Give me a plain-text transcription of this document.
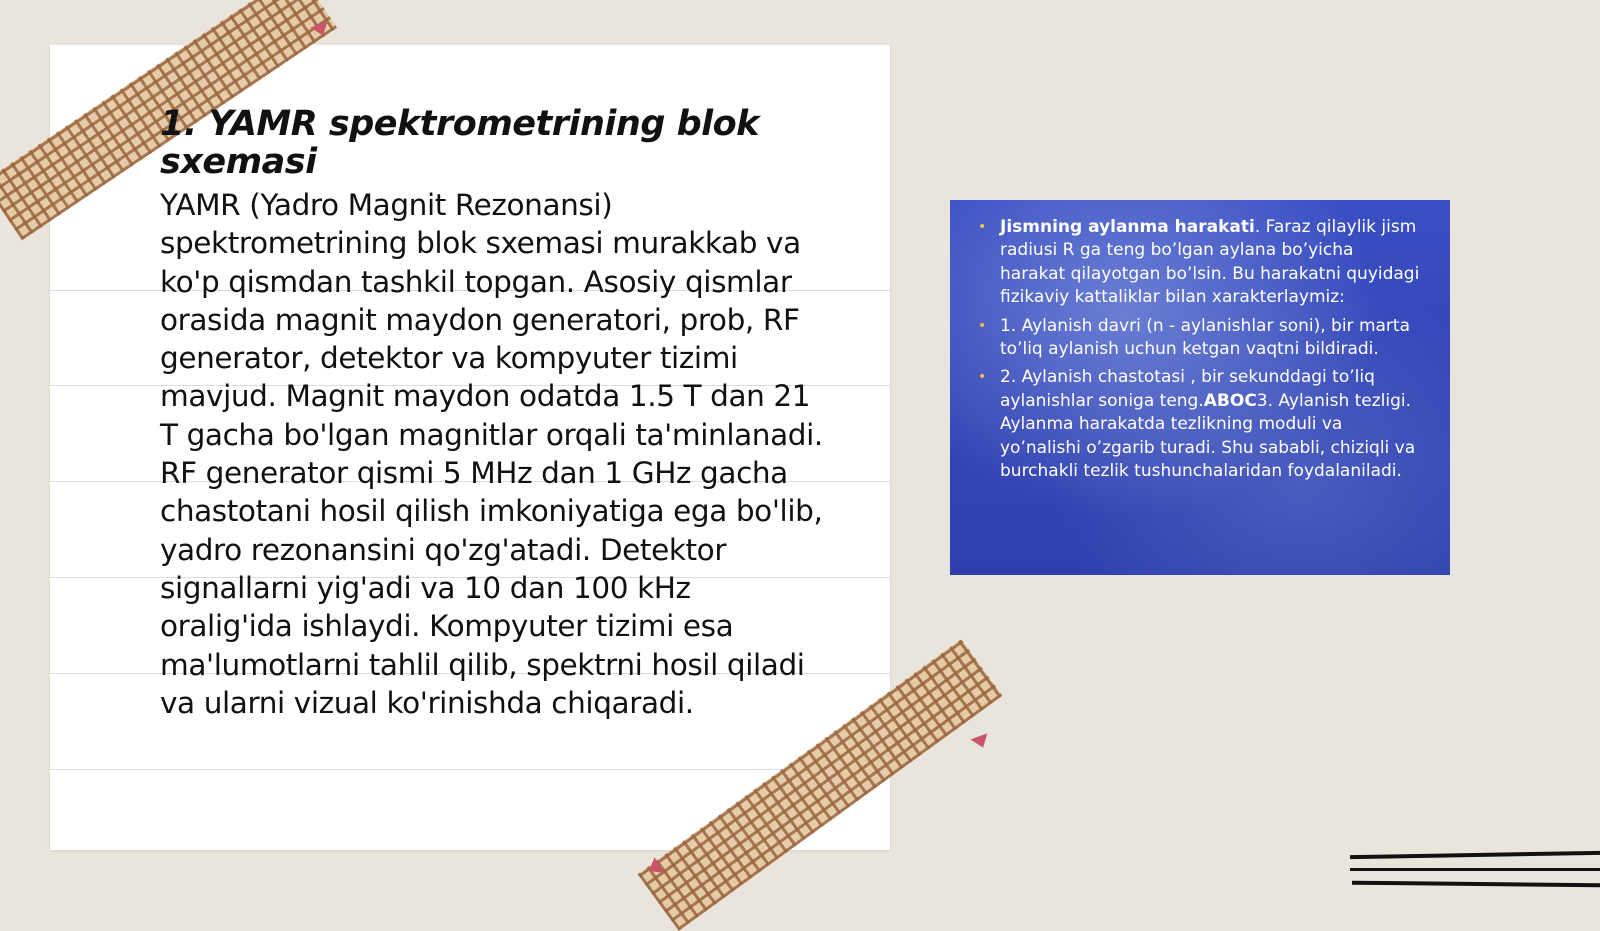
1. YAMR spektrometrining blok sxemasi

YAMR (Yadro Magnit Rezonansi) spektrometrining blok sxemasi murakkab va ko'p qismdan tashkil topgan. Asosiy qismlar orasida magnit maydon generatori, prob, RF generator, detektor va kompyuter tizimi mavjud. Magnit maydon odatda 1.5 T dan 21 T gacha bo'lgan magnitlar orqali ta'minlanadi. RF generator qismi 5 MHz dan 1 GHz gacha chastotani hosil qilish imkoniyatiga ega bo'lib, yadro rezonansini qo'zg'atadi. Detektor signallarni yig'adi va 10 dan 100 kHz oralig'ida ishlaydi. Kompyuter tizimi esa ma'lumotlarni tahlil qilib, spektrni hosil qiladi va ularni vizual ko'rinishda chiqaradi.

• Jismning aylanma harakati. Faraz qilaylik jism radiusi R ga teng bo’lgan aylana bo’yicha harakat qilayotgan bo’lsin. Bu harakatni quyidagi fizikaviy kattaliklar bilan xarakterlaymiz:
• 1. Aylanish davri (n - aylanishlar soni), bir marta to’liq aylanish uchun ketgan vaqtni bildiradi.
• 2. Aylanish chastotasi , bir sekunddagi to’liq aylanishlar soniga teng.ABOC3. Aylanish tezligi. Aylanma harakatda tezlikning moduli va yo’nalishi o’zgarib turadi. Shu sababli, chiziqli va burchakli tezlik tushunchalaridan foydalaniladi.
